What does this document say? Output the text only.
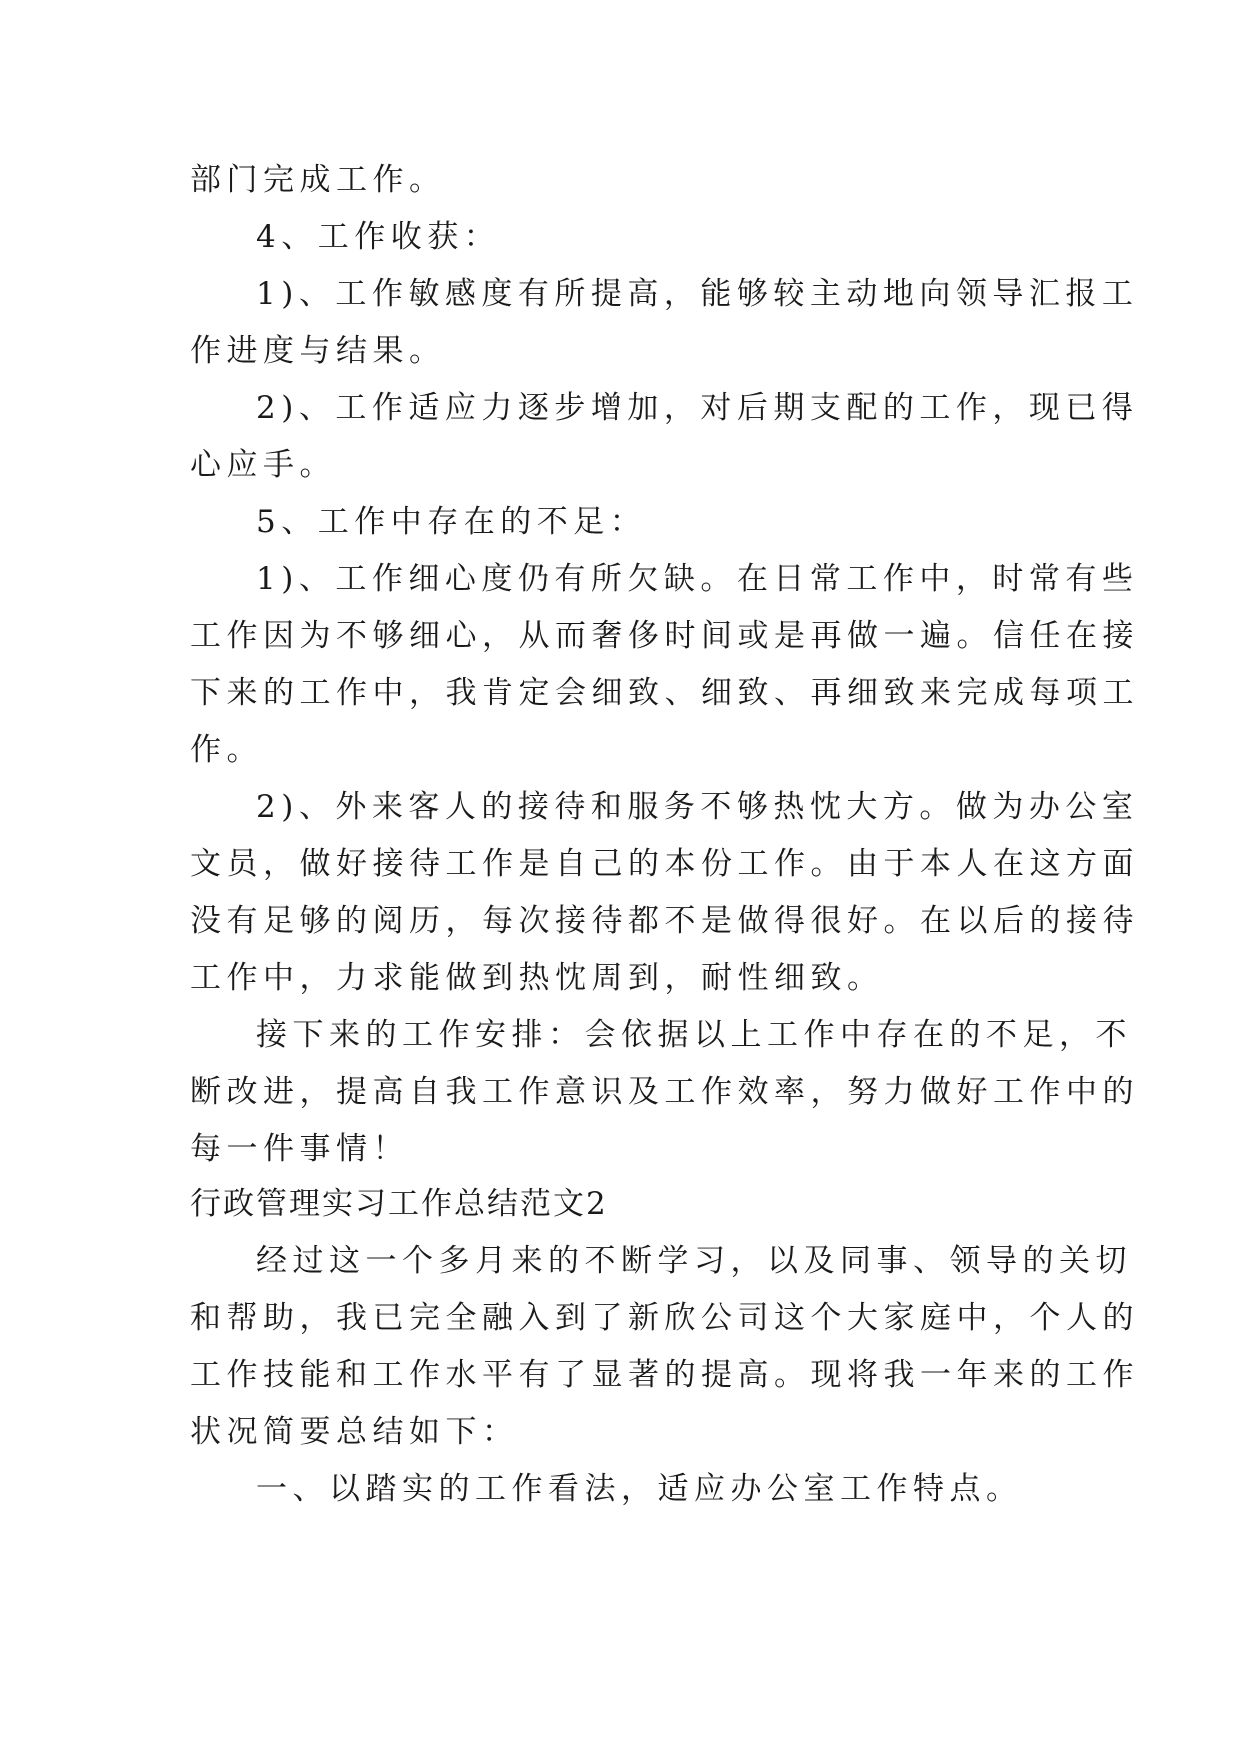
部门完成工作。
4、工作收获：
1)、工作敏感度有所提高，能够较主动地向领导汇报工
作进度与结果。
2)、工作适应力逐步增加，对后期支配的工作，现已得
心应手。
5、工作中存在的不足：
1)、工作细心度仍有所欠缺。在日常工作中，时常有些
工作因为不够细心，从而奢侈时间或是再做一遍。信任在接
下来的工作中，我肯定会细致、细致、再细致来完成每项工
作。
2)、外来客人的接待和服务不够热忱大方。做为办公室
文员，做好接待工作是自己的本份工作。由于本人在这方面
没有足够的阅历，每次接待都不是做得很好。在以后的接待
工作中，力求能做到热忱周到，耐性细致。
接下来的工作安排：会依据以上工作中存在的不足，不
断改进，提高自我工作意识及工作效率，努力做好工作中的
每一件事情！
行政管理实习工作总结范文2
经过这一个多月来的不断学习，以及同事、领导的关切
和帮助，我已完全融入到了新欣公司这个大家庭中，个人的
工作技能和工作水平有了显著的提高。现将我一年来的工作
状况简要总结如下：
一、以踏实的工作看法，适应办公室工作特点。
